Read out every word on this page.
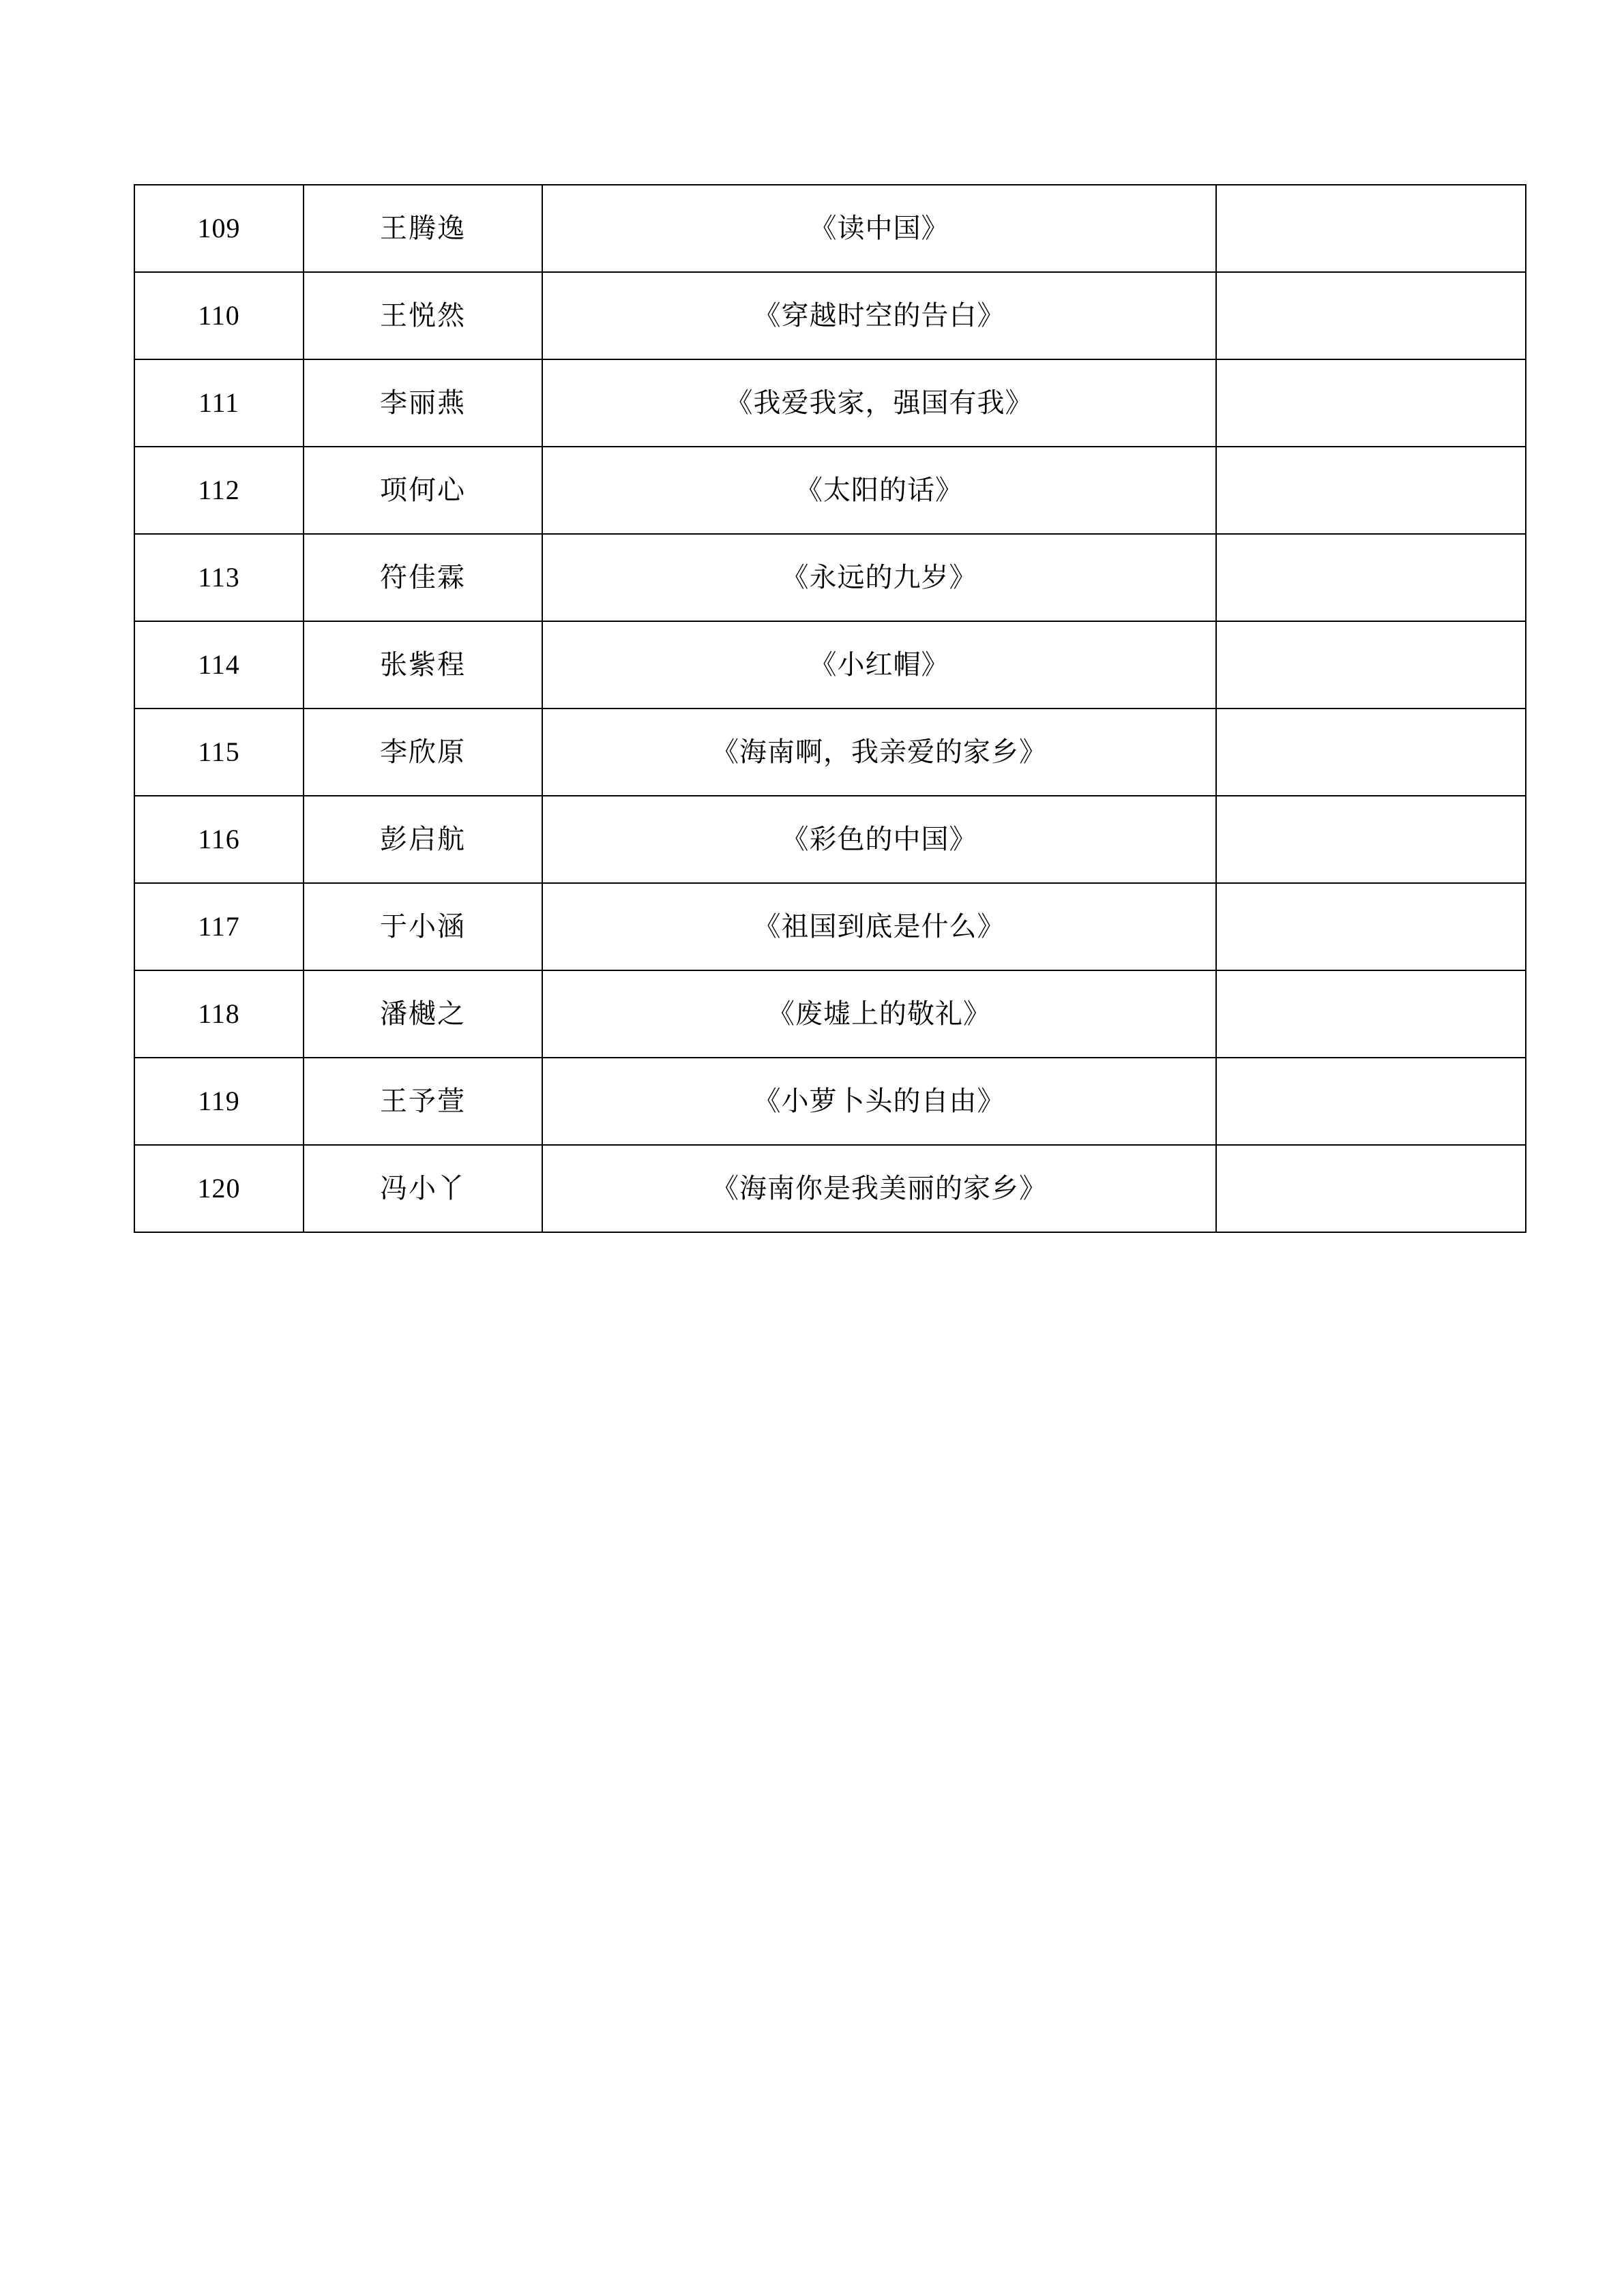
109	王腾逸	《读中国》	
110	王悦然	《穿越时空的告白》	
111	李丽燕	《我爱我家，强国有我》	
112	项何心	《太阳的话》	
113	符佳霖	《永远的九岁》	
114	张紫程	《小红帽》	
115	李欣原	《海南啊，我亲爱的家乡》	
116	彭启航	《彩色的中国》	
117	于小涵	《祖国到底是什么》	
118	潘樾之	《废墟上的敬礼》	
119	王予萱	《小萝卜头的自由》	
120	冯小丫	《海南你是我美丽的家乡》	
